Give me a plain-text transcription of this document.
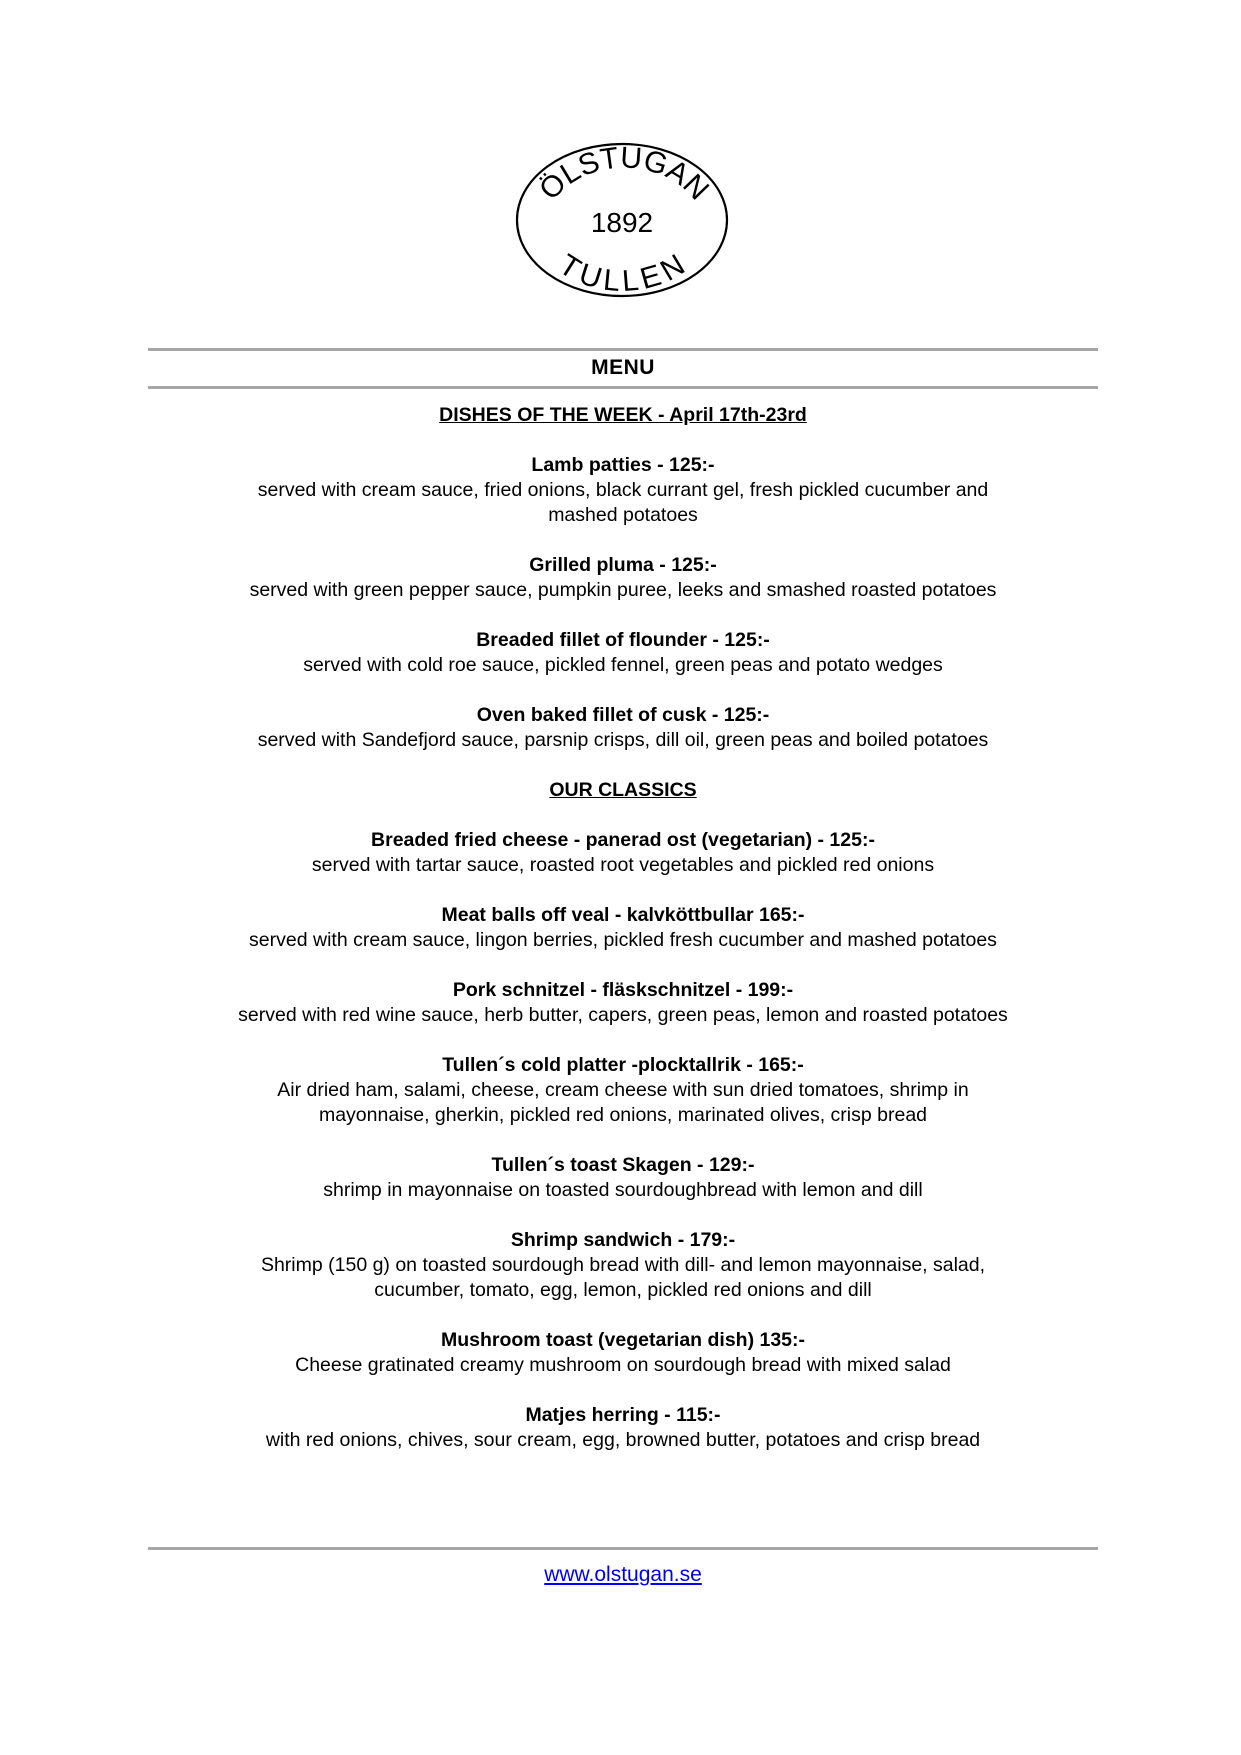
ÖLSTUGAN
1892
TULLEN
MENU
DISHES OF THE WEEK - April 17th-23rd
Lamb patties - 125:-
served with cream sauce, fried onions, black currant gel, fresh pickled cucumber and mashed potatoes
Grilled pluma - 125:-
served with green pepper sauce, pumpkin puree, leeks and smashed roasted potatoes
Breaded fillet of flounder - 125:-
served with cold roe sauce, pickled fennel, green peas and potato wedges
Oven baked fillet of cusk - 125:-
served with Sandefjord sauce, parsnip crisps, dill oil, green peas and boiled potatoes
OUR CLASSICS
Breaded fried cheese - panerad ost (vegetarian) - 125:-
served with tartar sauce, roasted root vegetables and pickled red onions
Meat balls off veal - kalvköttbullar 165:-
served with cream sauce, lingon berries, pickled fresh cucumber and mashed potatoes
Pork schnitzel - fläskschnitzel - 199:-
served with red wine sauce, herb butter, capers, green peas, lemon and roasted potatoes
Tullen´s cold platter -plocktallrik - 165:-
Air dried ham, salami, cheese, cream cheese with sun dried tomatoes, shrimp in mayonnaise, gherkin, pickled red onions, marinated olives, crisp bread
Tullen´s toast Skagen - 129:-
shrimp in mayonnaise on toasted sourdoughbread with lemon and dill
Shrimp sandwich - 179:-
Shrimp (150 g) on toasted sourdough bread with dill- and lemon mayonnaise, salad, cucumber, tomato, egg, lemon, pickled red onions and dill
Mushroom toast (vegetarian dish) 135:-
Cheese gratinated creamy mushroom on sourdough bread with mixed salad
Matjes herring - 115:-
with red onions, chives, sour cream, egg, browned butter, potatoes and crisp bread
www.olstugan.se
